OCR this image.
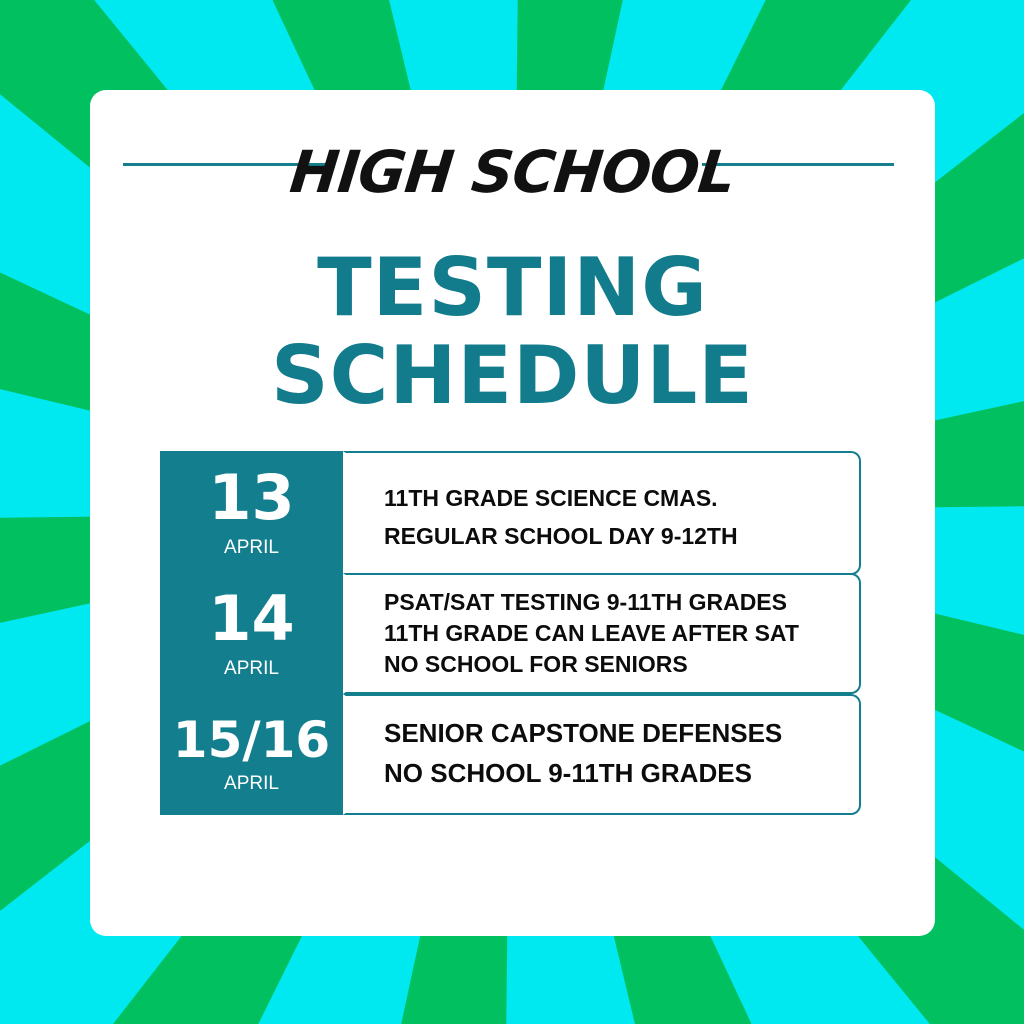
HIGH SCHOOL
TESTING
SCHEDULE
13
APRIL
14
APRIL
15/16
APRIL
11TH GRADE SCIENCE CMAS.
REGULAR SCHOOL DAY 9-12TH
PSAT/SAT TESTING 9-11TH GRADES
11TH GRADE CAN LEAVE AFTER SAT
NO SCHOOL FOR SENIORS
SENIOR CAPSTONE DEFENSES
NO SCHOOL 9-11TH GRADES
